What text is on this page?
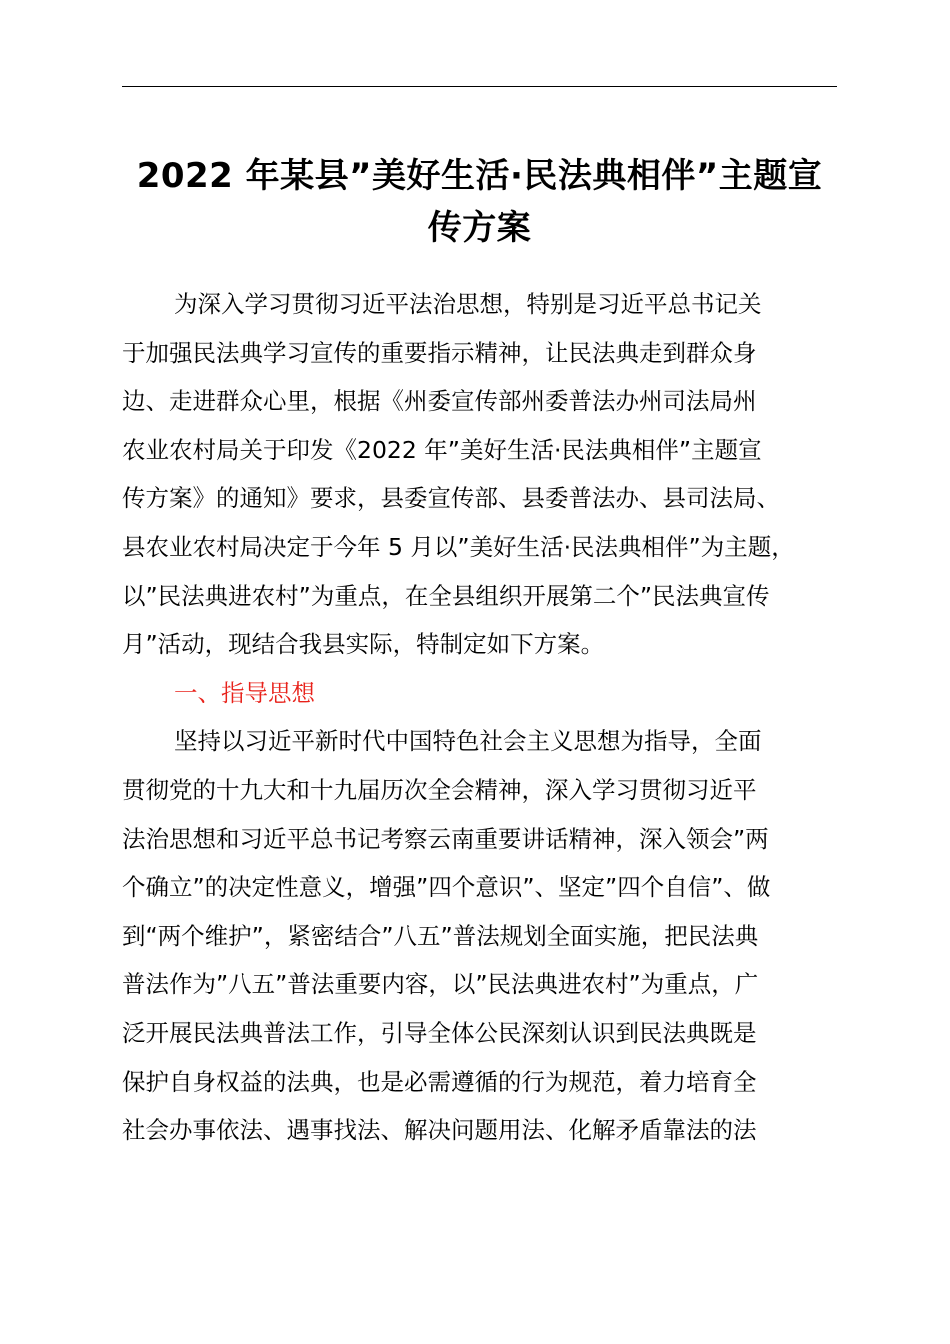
2022 年某县”美好生活·民法典相伴”主题宣
传方案
为深入学习贯彻习近平法治思想，特别是习近平总书记关
于加强民法典学习宣传的重要指示精神，让民法典走到群众身
边、走进群众心里，根据《州委宣传部州委普法办州司法局州
农业农村局关于印发《2022 年”美好生活·民法典相伴”主题宣
传方案》的通知》要求，县委宣传部、县委普法办、县司法局、
县农业农村局决定于今年 5 月以”美好生活·民法典相伴”为主题，
以”民法典进农村”为重点，在全县组织开展第二个”民法典宣传
月”活动，现结合我县实际，特制定如下方案。
一、指导思想
坚持以习近平新时代中国特色社会主义思想为指导，全面
贯彻党的十九大和十九届历次全会精神，深入学习贯彻习近平
法治思想和习近平总书记考察云南重要讲话精神，深入领会”两
个确立”的决定性意义，增强”四个意识”、坚定”四个自信”、做
到“两个维护”，紧密结合”八五”普法规划全面实施，把民法典
普法作为”八五”普法重要内容，以”民法典进农村”为重点，广
泛开展民法典普法工作，引导全体公民深刻认识到民法典既是
保护自身权益的法典，也是必需遵循的行为规范，着力培育全
社会办事依法、遇事找法、解决问题用法、化解矛盾靠法的法
